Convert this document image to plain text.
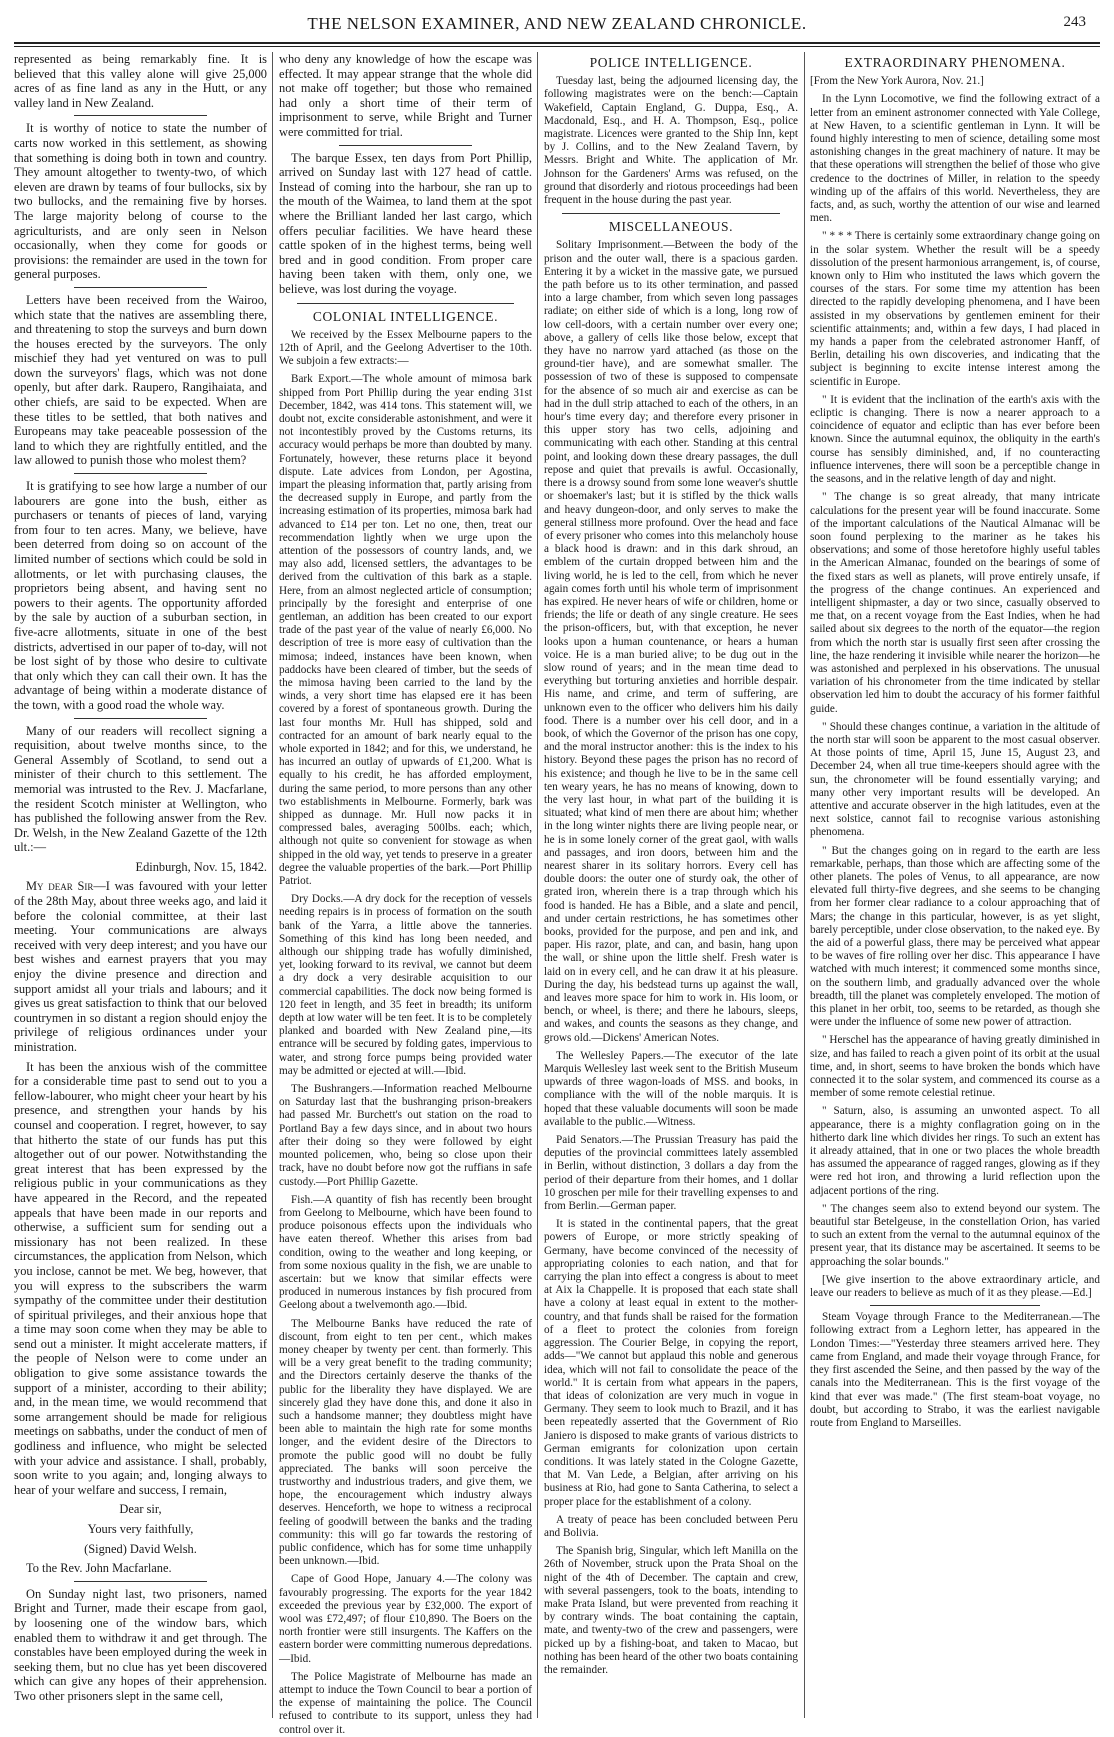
THE NELSON EXAMINER, AND NEW ZEALAND CHRONICLE.	243

represented as being remarkably fine. It is believed that this valley alone will give 25,000 acres of as fine land as any in the Hutt, or any valley land in New Zealand.

It is worthy of notice to state the number of carts now worked in this settlement, as showing that something is doing both in town and country. They amount altogether to twenty-two, of which eleven are drawn by teams of four bullocks, six by two bullocks, and the remaining five by horses. The large majority belong of course to the agriculturists, and are only seen in Nelson occasionally, when they come for goods or provisions: the remainder are used in the town for general purposes.

Letters have been received from the Wairoo, which state that the natives are assembling there, and threatening to stop the surveys and burn down the houses erected by the surveyors. The only mischief they had yet ventured on was to pull down the surveyors' flags, which was not done openly, but after dark. Raupero, Rangihaiata, and other chiefs, are said to be expected. When are these titles to be settled, that both natives and Europeans may take peaceable possession of the land to which they are rightfully entitled, and the law allowed to punish those who molest them?

It is gratifying to see how large a number of our labourers are gone into the bush, either as purchasers or tenants of pieces of land, varying from four to ten acres. Many, we believe, have been deterred from doing so on account of the limited number of sections which could be sold in allotments, or let with purchasing clauses, the proprietors being absent, and having sent no powers to their agents. The opportunity afforded by the sale by auction of a suburban section, in five-acre allotments, situate in one of the best districts, advertised in our paper of to-day, will not be lost sight of by those who desire to cultivate that only which they can call their own. It has the advantage of being within a moderate distance of the town, with a good road the whole way.

Many of our readers will recollect signing a requisition, about twelve months since, to the General Assembly of Scotland, to send out a minister of their church to this settlement. The memorial was intrusted to the Rev. J. Macfarlane, the resident Scotch minister at Wellington, who has published the following answer from the Rev. Dr. Welsh, in the New Zealand Gazette of the 12th ult.:—

Edinburgh, Nov. 15, 1842.

My dear Sir—I was favoured with your letter of the 28th May, about three weeks ago, and laid it before the colonial committee, at their last meeting. Your communications are always received with very deep interest; and you have our best wishes and earnest prayers that you may enjoy the divine presence and direction and support amidst all your trials and labours; and it gives us great satisfaction to think that our beloved countrymen in so distant a region should enjoy the privilege of religious ordinances under your ministration.

It has been the anxious wish of the committee for a considerable time past to send out to you a fellow-labourer, who might cheer your heart by his presence, and strengthen your hands by his counsel and cooperation. I regret, however, to say that hitherto the state of our funds has put this altogether out of our power. Notwithstanding the great interest that has been expressed by the religious public in your communications as they have appeared in the Record, and the repeated appeals that have been made in our reports and otherwise, a sufficient sum for sending out a missionary has not been realized. In these circumstances, the application from Nelson, which you inclose, cannot be met. We beg, however, that you will express to the subscribers the warm sympathy of the committee under their destitution of spiritual privileges, and their anxious hope that a time may soon come when they may be able to send out a minister. It might accelerate matters, if the people of Nelson were to come under an obligation to give some assistance towards the support of a minister, according to their ability; and, in the mean time, we would recommend that some arrangement should be made for religious meetings on sabbaths, under the conduct of men of godliness and influence, who might be selected with your advice and assistance. I shall, probably, soon write to you again; and, longing always to hear of your welfare and success, I remain,

Dear sir,

Yours very faithfully,

(Signed) David Welsh.

To the Rev. John Macfarlane.

On Sunday night last, two prisoners, named Bright and Turner, made their escape from gaol, by loosening one of the window bars, which enabled them to withdraw it and get through. The constables have been employed during the week in seeking them, but no clue has yet been discovered which can give any hopes of their apprehension. Two other prisoners slept in the same cell,

who deny any knowledge of how the escape was effected. It may appear strange that the whole did not make off together; but those who remained had only a short time of their term of imprisonment to serve, while Bright and Turner were committed for trial.

The barque Essex, ten days from Port Phillip, arrived on Sunday last with 127 head of cattle. Instead of coming into the harbour, she ran up to the mouth of the Waimea, to land them at the spot where the Brilliant landed her last cargo, which offers peculiar facilities. We have heard these cattle spoken of in the highest terms, being well bred and in good condition. From proper care having been taken with them, only one, we believe, was lost during the voyage.

COLONIAL INTELLIGENCE.

We received by the Essex Melbourne papers to the 12th of April, and the Geelong Advertiser to the 10th. We subjoin a few extracts:—

Bark Export.—The whole amount of mimosa bark shipped from Port Phillip during the year ending 31st December, 1842, was 414 tons. This statement will, we doubt not, excite considerable astonishment, and were it not incontestibly proved by the Customs returns, its accuracy would perhaps be more than doubted by many. Fortunately, however, these returns place it beyond dispute. Late advices from London, per Agostina, impart the pleasing information that, partly arising from the decreased supply in Europe, and partly from the increasing estimation of its properties, mimosa bark had advanced to £14 per ton. Let no one, then, treat our recommendation lightly when we urge upon the attention of the possessors of country lands, and, we may also add, licensed settlers, the advantages to be derived from the cultivation of this bark as a staple. Here, from an almost neglected article of consumption; principally by the foresight and enterprise of one gentleman, an addition has been created to our export trade of the past year of the value of nearly £6,000. No description of tree is more easy of cultivation than the mimosa; indeed, instances have been known, when paddocks have been cleared of timber, but the seeds of the mimosa having been carried to the land by the winds, a very short time has elapsed ere it has been covered by a forest of spontaneous growth. During the last four months Mr. Hull has shipped, sold and contracted for an amount of bark nearly equal to the whole exported in 1842; and for this, we understand, he has incurred an outlay of upwards of £1,200. What is equally to his credit, he has afforded employment, during the same period, to more persons than any other two establishments in Melbourne. Formerly, bark was shipped as dunnage. Mr. Hull now packs it in compressed bales, averaging 500lbs. each; which, although not quite so convenient for stowage as when shipped in the old way, yet tends to preserve in a greater degree the valuable properties of the bark.—Port Phillip Patriot.

Dry Docks.—A dry dock for the reception of vessels needing repairs is in process of formation on the south bank of the Yarra, a little above the tanneries. Something of this kind has long been needed, and although our shipping trade has wofully diminished, yet, looking forward to its revival, we cannot but deem a dry dock a very desirable acquisition to our commercial capabilities. The dock now being formed is 120 feet in length, and 35 feet in breadth; its uniform depth at low water will be ten feet. It is to be completely planked and boarded with New Zealand pine,—its entrance will be secured by folding gates, impervious to water, and strong force pumps being provided water may be admitted or ejected at will.—Ibid.

The Bushrangers.—Information reached Melbourne on Saturday last that the bushranging prison-breakers had passed Mr. Burchett's out station on the road to Portland Bay a few days since, and in about two hours after their doing so they were followed by eight mounted policemen, who, being so close upon their track, have no doubt before now got the ruffians in safe custody.—Port Phillip Gazette.

Fish.—A quantity of fish has recently been brought from Geelong to Melbourne, which have been found to produce poisonous effects upon the individuals who have eaten thereof. Whether this arises from bad condition, owing to the weather and long keeping, or from some noxious quality in the fish, we are unable to ascertain: but we know that similar effects were produced in numerous instances by fish procured from Geelong about a twelvemonth ago.—Ibid.

The Melbourne Banks have reduced the rate of discount, from eight to ten per cent., which makes money cheaper by twenty per cent. than formerly. This will be a very great benefit to the trading community; and the Directors certainly deserve the thanks of the public for the liberality they have displayed. We are sincerely glad they have done this, and done it also in such a handsome manner; they doubtless might have been able to maintain the high rate for some months longer, and the evident desire of the Directors to promote the public good will no doubt be fully appreciated. The banks will soon perceive the trustworthy and industrious traders, and give them, we hope, the encouragement which industry always deserves. Henceforth, we hope to witness a reciprocal feeling of goodwill between the banks and the trading community: this will go far towards the restoring of public confidence, which has for some time unhappily been unknown.—Ibid.

Cape of Good Hope, January 4.—The colony was favourably progressing. The exports for the year 1842 exceeded the previous year by £32,000. The export of wool was £72,497; of flour £10,890. The Boers on the north frontier were still insurgents. The Kaffers on the eastern border were committing numerous depredations.—Ibid.

The Police Magistrate of Melbourne has made an attempt to induce the Town Council to bear a portion of the expense of maintaining the police. The Council refused to contribute to its support, unless they had control over it.

POLICE INTELLIGENCE.

Tuesday last, being the adjourned licensing day, the following magistrates were on the bench:—Captain Wakefield, Captain England, G. Duppa, Esq., A. Macdonald, Esq., and H. A. Thompson, Esq., police magistrate. Licences were granted to the Ship Inn, kept by J. Collins, and to the New Zealand Tavern, by Messrs. Bright and White. The application of Mr. Johnson for the Gardeners' Arms was refused, on the ground that disorderly and riotous proceedings had been frequent in the house during the past year.

MISCELLANEOUS.

Solitary Imprisonment.—Between the body of the prison and the outer wall, there is a spacious garden. Entering it by a wicket in the massive gate, we pursued the path before us to its other termination, and passed into a large chamber, from which seven long passages radiate; on either side of which is a long, long row of low cell-doors, with a certain number over every one; above, a gallery of cells like those below, except that they have no narrow yard attached (as those on the ground-tier have), and are somewhat smaller. The possession of two of these is supposed to compensate for the absence of so much air and exercise as can be had in the dull strip attached to each of the others, in an hour's time every day; and therefore every prisoner in this upper story has two cells, adjoining and communicating with each other. Standing at this central point, and looking down these dreary passages, the dull repose and quiet that prevails is awful. Occasionally, there is a drowsy sound from some lone weaver's shuttle or shoemaker's last; but it is stifled by the thick walls and heavy dungeon-door, and only serves to make the general stillness more profound. Over the head and face of every prisoner who comes into this melancholy house a black hood is drawn: and in this dark shroud, an emblem of the curtain dropped between him and the living world, he is led to the cell, from which he never again comes forth until his whole term of imprisonment has expired. He never hears of wife or children, home or friends; the life or death of any single creature. He sees the prison-officers, but, with that exception, he never looks upon a human countenance, or hears a human voice. He is a man buried alive; to be dug out in the slow round of years; and in the mean time dead to everything but torturing anxieties and horrible despair. His name, and crime, and term of suffering, are unknown even to the officer who delivers him his daily food. There is a number over his cell door, and in a book, of which the Governor of the prison has one copy, and the moral instructor another: this is the index to his history. Beyond these pages the prison has no record of his existence; and though he live to be in the same cell ten weary years, he has no means of knowing, down to the very last hour, in what part of the building it is situated; what kind of men there are about him; whether in the long winter nights there are living people near, or he is in some lonely corner of the great gaol, with walls and passages, and iron doors, between him and the nearest sharer in its solitary horrors. Every cell has double doors: the outer one of sturdy oak, the other of grated iron, wherein there is a trap through which his food is handed. He has a Bible, and a slate and pencil, and under certain restrictions, he has sometimes other books, provided for the purpose, and pen and ink, and paper. His razor, plate, and can, and basin, hang upon the wall, or shine upon the little shelf. Fresh water is laid on in every cell, and he can draw it at his pleasure. During the day, his bedstead turns up against the wall, and leaves more space for him to work in. His loom, or bench, or wheel, is there; and there he labours, sleeps, and wakes, and counts the seasons as they change, and grows old.—Dickens' American Notes.

The Wellesley Papers.—The executor of the late Marquis Wellesley last week sent to the British Museum upwards of three wagon-loads of MSS. and books, in compliance with the will of the noble marquis. It is hoped that these valuable documents will soon be made available to the public.—Witness.

Paid Senators.—The Prussian Treasury has paid the deputies of the provincial committees lately assembled in Berlin, without distinction, 3 dollars a day from the period of their departure from their homes, and 1 dollar 10 groschen per mile for their travelling expenses to and from Berlin.—German paper.

It is stated in the continental papers, that the great powers of Europe, or more strictly speaking of Germany, have become convinced of the necessity of appropriating colonies to each nation, and that for carrying the plan into effect a congress is about to meet at Aix la Chappelle. It is proposed that each state shall have a colony at least equal in extent to the mother-country, and that funds shall be raised for the formation of a fleet to protect the colonies from foreign aggression. The Courier Belge, in copying the report, adds—"We cannot but applaud this noble and generous idea, which will not fail to consolidate the peace of the world." It is certain from what appears in the papers, that ideas of colonization are very much in vogue in Germany. They seem to look much to Brazil, and it has been repeatedly asserted that the Government of Rio Janiero is disposed to make grants of various districts to German emigrants for colonization upon certain conditions. It was lately stated in the Cologne Gazette, that M. Van Lede, a Belgian, after arriving on his business at Rio, had gone to Santa Catherina, to select a proper place for the establishment of a colony.

A treaty of peace has been concluded between Peru and Bolivia.

The Spanish brig, Singular, which left Manilla on the 26th of November, struck upon the Prata Shoal on the night of the 4th of December. The captain and crew, with several passengers, took to the boats, intending to make Prata Island, but were prevented from reaching it by contrary winds. The boat containing the captain, mate, and twenty-two of the crew and passengers, were picked up by a fishing-boat, and taken to Macao, but nothing has been heard of the other two boats containing the remainder.

EXTRAORDINARY PHENOMENA.

[From the New York Aurora, Nov. 21.]

In the Lynn Locomotive, we find the following extract of a letter from an eminent astronomer connected with Yale College, at New Haven, to a scientific gentleman in Lynn. It will be found highly interesting to men of science, detailing some most astonishing changes in the great machinery of nature. It may be that these operations will strengthen the belief of those who give credence to the doctrines of Miller, in relation to the speedy winding up of the affairs of this world. Nevertheless, they are facts, and, as such, worthy the attention of our wise and learned men.

" * * * There is certainly some extraordinary change going on in the solar system. Whether the result will be a speedy dissolution of the present harmonious arrangement, is, of course, known only to Him who instituted the laws which govern the courses of the stars. For some time my attention has been directed to the rapidly developing phenomena, and I have been assisted in my observations by gentlemen eminent for their scientific attainments; and, within a few days, I had placed in my hands a paper from the celebrated astronomer Hanff, of Berlin, detailing his own discoveries, and indicating that the subject is beginning to excite intense interest among the scientific in Europe.

" It is evident that the inclination of the earth's axis with the ecliptic is changing. There is now a nearer approach to a coincidence of equator and ecliptic than has ever before been known. Since the autumnal equinox, the obliquity in the earth's course has sensibly diminished, and, if no counteracting influence intervenes, there will soon be a perceptible change in the seasons, and in the relative length of day and night.

" The change is so great already, that many intricate calculations for the present year will be found inaccurate. Some of the important calculations of the Nautical Almanac will be soon found perplexing to the mariner as he takes his observations; and some of those heretofore highly useful tables in the American Almanac, founded on the bearings of some of the fixed stars as well as planets, will prove entirely unsafe, if the progress of the change continues. An experienced and intelligent shipmaster, a day or two since, casually observed to me that, on a recent voyage from the East Indies, when he had sailed about six degrees to the north of the equator—the region from which the north star is usually first seen after crossing the line, the haze rendering it invisible while nearer the horizon—he was astonished and perplexed in his observations. The unusual variation of his chronometer from the time indicated by stellar observation led him to doubt the accuracy of his former faithful guide.

" Should these changes continue, a variation in the altitude of the north star will soon be apparent to the most casual observer. At those points of time, April 15, June 15, August 23, and December 24, when all true time-keepers should agree with the sun, the chronometer will be found essentially varying; and many other very important results will be developed. An attentive and accurate observer in the high latitudes, even at the next solstice, cannot fail to recognise various astonishing phenomena.

" But the changes going on in regard to the earth are less remarkable, perhaps, than those which are affecting some of the other planets. The poles of Venus, to all appearance, are now elevated full thirty-five degrees, and she seems to be changing from her former clear radiance to a colour approaching that of Mars; the change in this particular, however, is as yet slight, barely perceptible, under close observation, to the naked eye. By the aid of a powerful glass, there may be perceived what appear to be waves of fire rolling over her disc. This appearance I have watched with much interest; it commenced some months since, on the southern limb, and gradually advanced over the whole breadth, till the planet was completely enveloped. The motion of this planet in her orbit, too, seems to be retarded, as though she were under the influence of some new power of attraction.

" Herschel has the appearance of having greatly diminished in size, and has failed to reach a given point of its orbit at the usual time, and, in short, seems to have broken the bonds which have connected it to the solar system, and commenced its course as a member of some remote celestial retinue.

" Saturn, also, is assuming an unwonted aspect. To all appearance, there is a mighty conflagration going on in the hitherto dark line which divides her rings. To such an extent has it already attained, that in one or two places the whole breadth has assumed the appearance of ragged ranges, glowing as if they were red hot iron, and throwing a lurid reflection upon the adjacent portions of the ring.

" The changes seem also to extend beyond our system. The beautiful star Betelgeuse, in the constellation Orion, has varied to such an extent from the vernal to the autumnal equinox of the present year, that its distance may be ascertained. It seems to be approaching the solar bounds."

[We give insertion to the above extraordinary article, and leave our readers to believe as much of it as they please.—Ed.]

Steam Voyage through France to the Mediterranean.—The following extract from a Leghorn letter, has appeared in the London Times:—"Yesterday three steamers arrived here. They came from England, and made their voyage through France, for they first ascended the Seine, and then passed by the way of the canals into the Mediterranean. This is the first voyage of the kind that ever was made." (The first steam-boat voyage, no doubt, but according to Strabo, it was the earliest navigable route from England to Marseilles.
